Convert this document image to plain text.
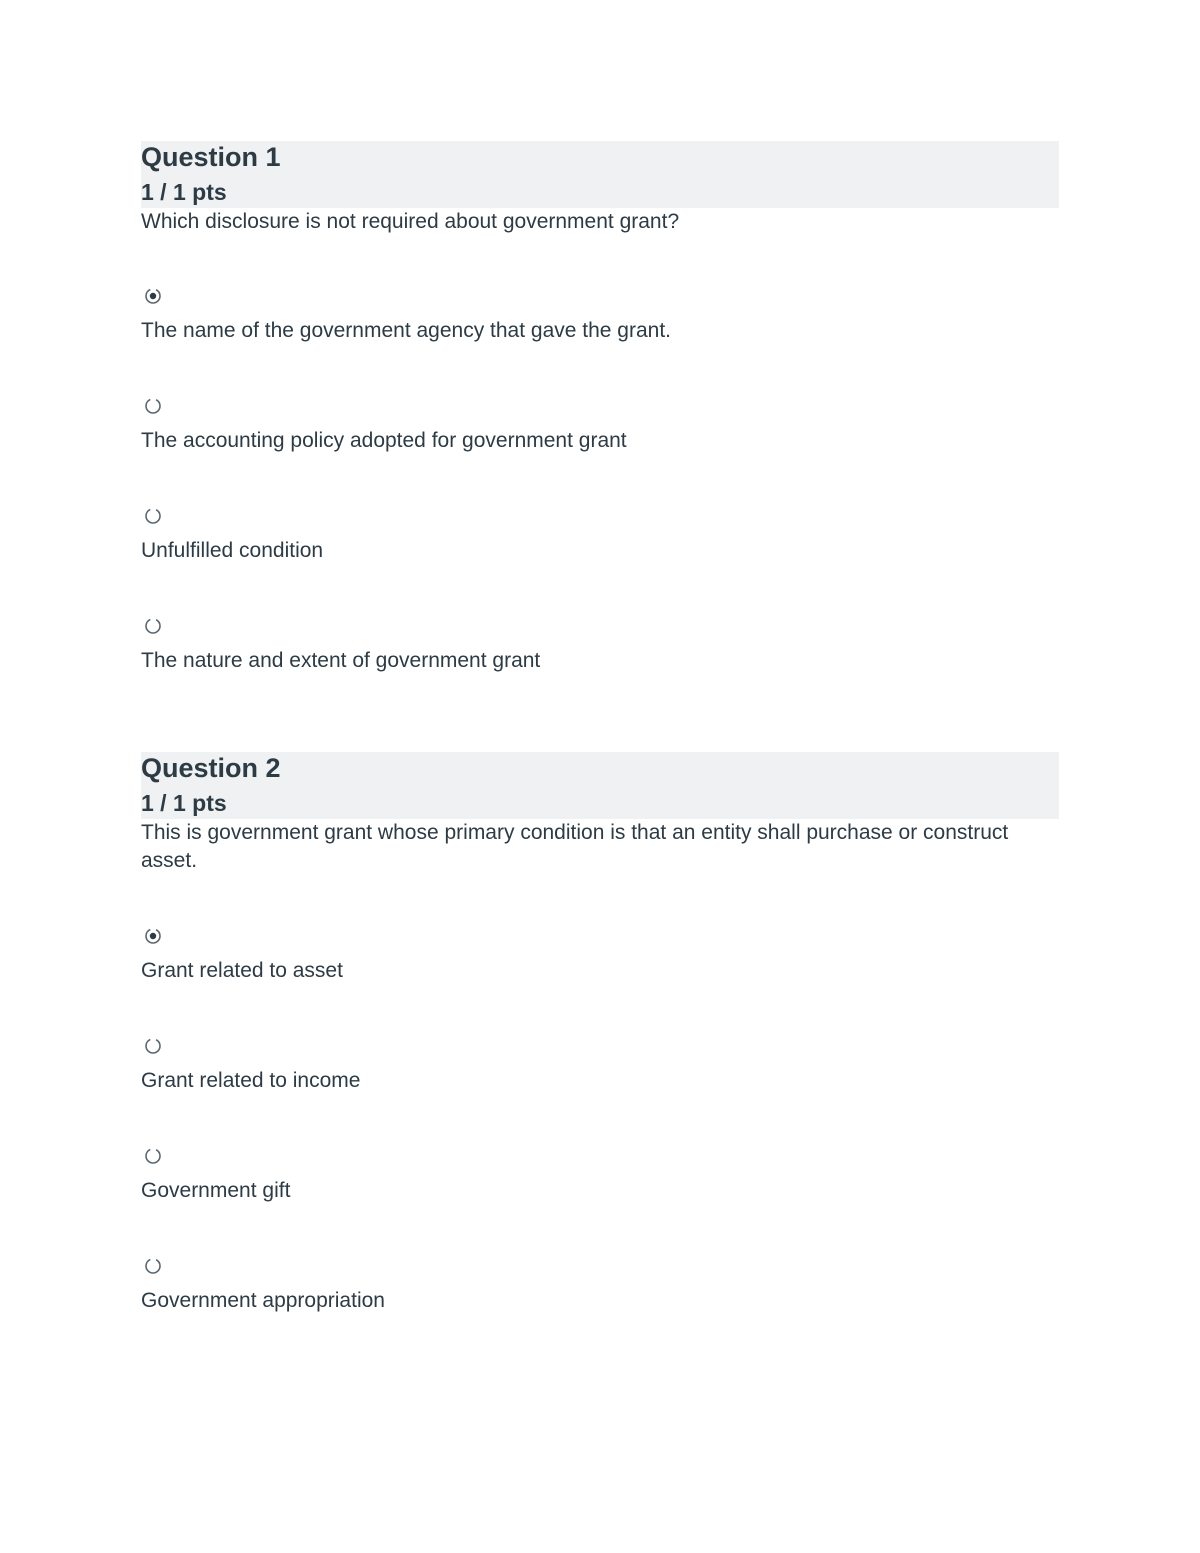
Question 1
1 / 1 pts

Which disclosure is not required about government grant?

The name of the government agency that gave the grant.
The accounting policy adopted for government grant
Unfulfilled condition
The nature and extent of government grant
Question 2
1 / 1 pts

This is government grant whose primary condition is that an entity shall purchase or construct asset.

Grant related to asset
Grant related to income
Government gift
Government appropriation
